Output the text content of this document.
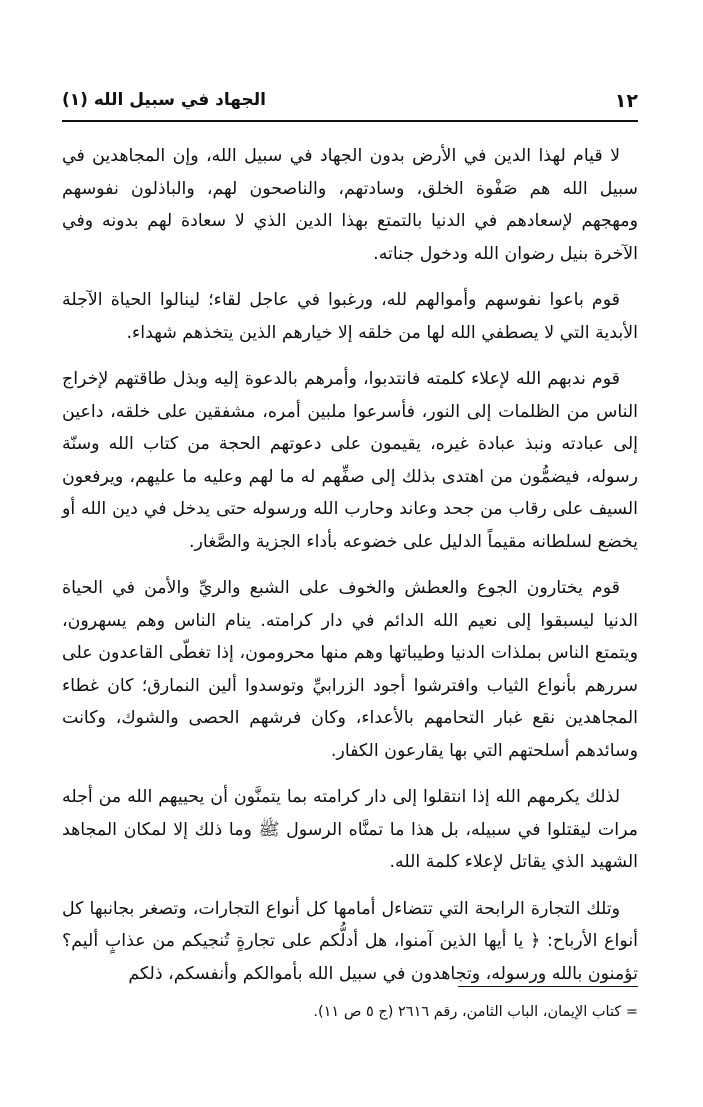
١٢
الجهاد في سبيل الله (١)

لا قيام لهذا الدين في الأرض بدون الجهاد في سبيل الله، وإن المجاهدين في سبيل الله هم صَفْوة الخلق، وسادتهم، والناصحون لهم، والباذلون نفوسهم ومهجهم لإسعادهم في الدنيا بالتمتع بهذا الدين الذي لا سعادة لهم بدونه وفي الآخرة بنيل رضوان الله ودخول جناته.

قوم باعوا نفوسهم وأموالهم لله، ورغبوا في عاجل لقاء؛ لينالوا الحياة الآجلة الأبدية التي لا يصطفي الله لها من خلقه إلا خيارهم الذين يتخذهم شهداء.

قوم ندبهم الله لإعلاء كلمته فانتدبوا، وأمرهم بالدعوة إليه وبذل طاقتهم لإخراج الناس من الظلمات إلى النور، فأسرعوا ملبين أمره، مشفقين على خلقه، داعين إلى عبادته ونبذ عبادة غيره، يقيمون على دعوتهم الحجة من كتاب الله وسنّة رسوله، فيضمُّون من اهتدى بذلك إلى صفِّهم له ما لهم وعليه ما عليهم، ويرفعون السيف على رقاب من جحد وعاند وحارب الله ورسوله حتى يدخل في دين الله أو يخضع لسلطانه مقيماً الدليل على خضوعه بأداء الجزية والصَّغار.

قوم يختارون الجوع والعطش والخوف على الشبع والريِّ والأمن في الحياة الدنيا ليسبقوا إلى نعيم الله الدائم في دار كرامته. ينام الناس وهم يسهرون، ويتمتع الناس بملذات الدنيا وطيباتها وهم منها محرومون، إذا تغطّى القاعدون على سررهم بأنواع الثياب وافترشوا أجود الزرابيِّ وتوسدوا ألين النمارق؛ كان غطاء المجاهدين نقع غبار التحامهم بالأعداء، وكان فرشهم الحصى والشوك، وكانت وسائدهم أسلحتهم التي بها يقارعون الكفار.

لذلك يكرمهم الله إذا انتقلوا إلى دار كرامته بما يتمنَّون أن يحييهم الله من أجله مرات ليقتلوا في سبيله، بل هذا ما تمنَّاه الرسول ﷺ وما ذلك إلا لمكان المجاهد الشهيد الذي يقاتل لإعلاء كلمة الله.

وتلك التجارة الرابحة التي تتضاءل أمامها كل أنواع التجارات، وتصغر بجانبها كل أنواع الأرباح: ﴿ يا أيها الذين آمنوا، هل أدلُّكم على تجارةٍ تُنجيكم من عذابٍ أليم؟ تؤمنون بالله ورسوله، وتجاهدون في سبيل الله بأموالكم وأنفسكم، ذلكم

= كتاب الإيمان، الباب الثامن، رقم ٢٦١٦ (ج ٥ ص ١١).
